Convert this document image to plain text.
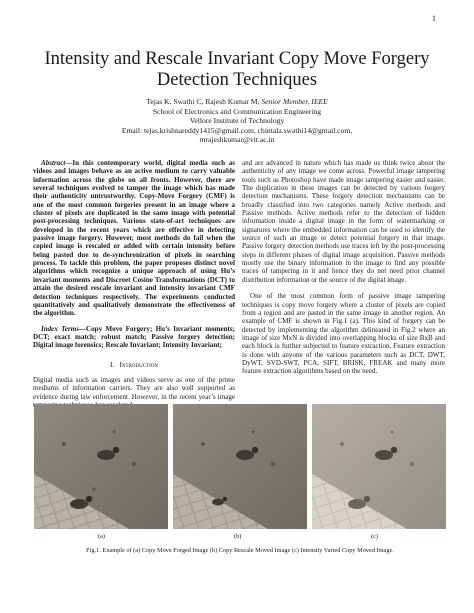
1
Intensity and Rescale Invariant Copy Move Forgery Detection Techniques
Tejas K, Swathi C, Rajesh Kumar M, Senior Member, IEEE
School of Electronics and Communication Engineering
Vellore Institute of Technology
Email: tejas.krishnareddy1415@gmail.com, chintala.swathi14@gmail.com,
mrajeshkumar@vit.ac.in

Abstract—In this contemporary world, digital media such as videos and images behave as an active medium to carry valuable information across the globe on all fronts. However, there are several techniques evolved to tamper the image which has made their authenticity untrustworthy. Copy-Move Forgery (CMF) is one of the most common forgeries present in an image where a cluster of pixels are duplicated in the same image with potential post-processing techniques. Various state-of-art techniques are developed in the recent years which are effective in detecting passive image forgery. However, most methods do fail when the copied image is rescaled or added with certain intensity before being pasted due to de-synchronization of pixels in searching process. To tackle this problem, the paper proposes distinct novel algorithms which recognize a unique approach of using Hu’s invariant moments and Discreet Cosine Transformations (DCT) to attain the desired rescale invariant and intensity invariant CMF detection techniques respectively. The experiments conducted quantitatively and qualitatively demonstrate the effectiveness of the algorithm.

Index Terms—Copy Move Forgery; Hu’s Invariant moments; DCT; exact match; robust match; Passive forgery detection; Digital image forensics; Rescale Invariant; Intensity Invariant;

I. Introduction

Digital media such as images and videos serve as one of the prime mediums of information carriers. They are also well supported as evidence during law enforcement. However, in the recent year’s image

and are advanced in nature which has made us think twice about the authenticity of any image we come across. Powerful image tampering tools such as Photoshop have made image tampering easier and easier. The duplication in these images can be detected by various forgery detection mechanisms. These forgery detection mechanisms can be broadly classified into two categories namely Active methods and Passive methods. Active methods refer to the detection of hidden information inside a digital image in the form of watermarking or signatures where the embedded information can be used to identify the source of such an image or detect potential forgery in that image. Passive forgery detection methods use traces left by the post-processing steps in different phases of digital image acquisition. Passive methods mostly use the binary information in the image to find any possible traces of tampering in it and hence they do not need prior channel distribution information or the source of the digital image.

One of the most common form of passive image tampering techniques is copy move forgery where a cluster of pixels are copied from a region and are pasted in the same image in another region. An example of CMF is shown in Fig.1 (a). This kind of forgery can be detected by implementing the algorithm delineated in Fig.2 where an image of size MxN is divided into overlapping blocks of size BxB and each block is further subjected to feature extraction. Feature extraction is done with anyone of the various parameters such as DCT, DWT, DyWT, SVD-SWT, PCA, SIFT, BRISK, FREAK and many more feature extraction algorithms based on the need.

(a)	(b)	(c)
Fig.1. Example of (a) Copy Move Forged Image (b) Copy Rescale Moved Image (c) Intensity Varied Copy Moved Image.
